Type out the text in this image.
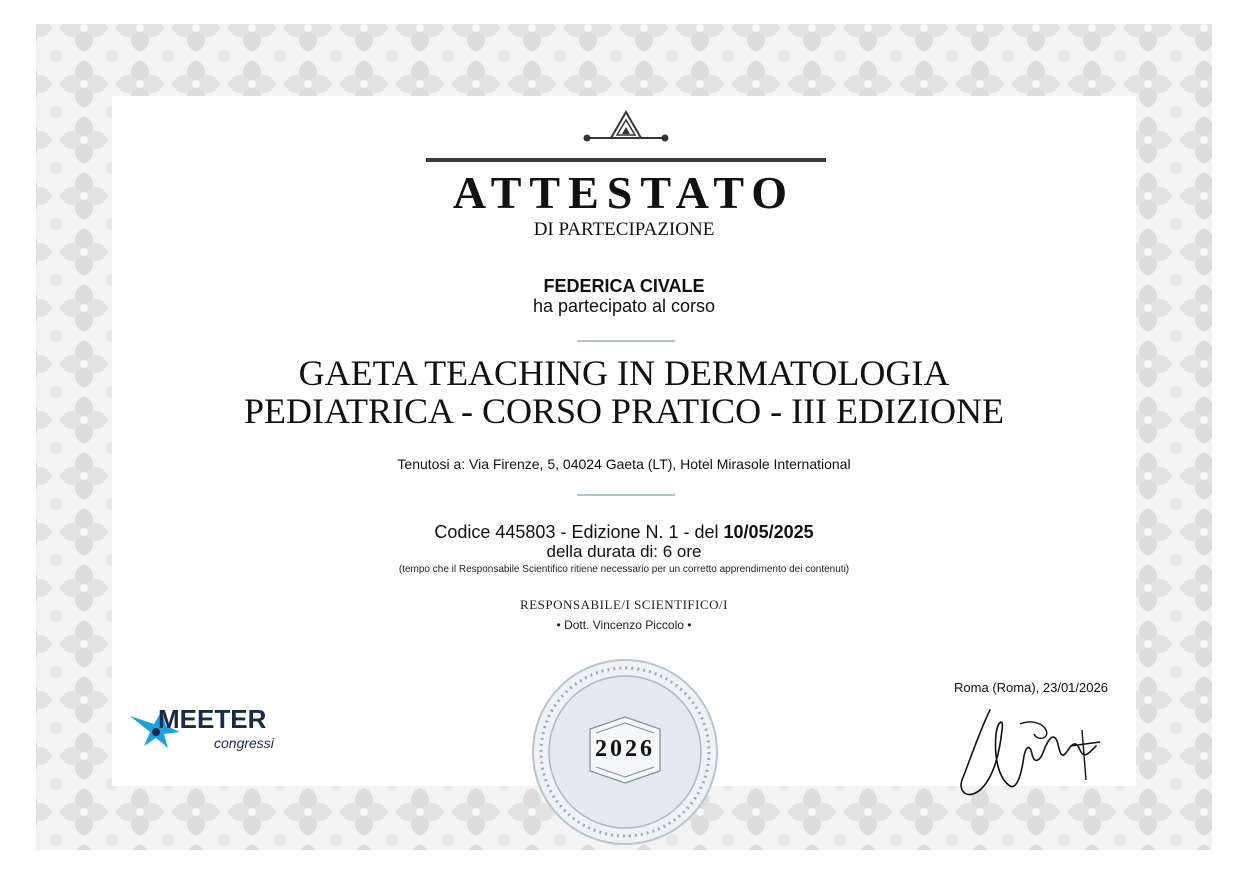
ATTESTATO
DI PARTECIPAZIONE
FEDERICA CIVALE
ha partecipato al corso
GAETA TEACHING IN DERMATOLOGIA
PEDIATRICA - CORSO PRATICO - III EDIZIONE
Tenutosi a: Via Firenze, 5, 04024 Gaeta (LT), Hotel Mirasole International
Codice 445803 - Edizione N. 1 - del 10/05/2025
della durata di: 6 ore
(tempo che il Responsabile Scientifico ritiene necessario per un corretto apprendimento dei contenuti)
RESPONSABILE/I SCIENTIFICO/I
• Dott. Vincenzo Piccolo •
MEETER
congressi	2026
Roma (Roma), 23/01/2026
